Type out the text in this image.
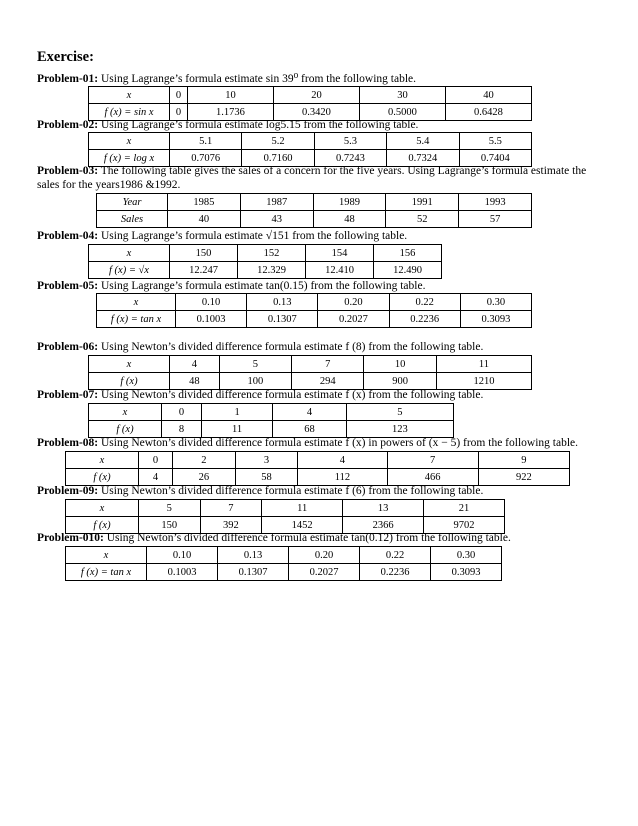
Exercise:
Problem-01: Using Lagrange’s formula estimate sin 39⁰ from the following table.
x	0	10	20	30	40
f (x) = sin x	0	1.1736	0.3420	0.5000	0.6428
Problem-02: Using Lagrange’s formula estimate log5.15 from the following table.
x	5.1	5.2	5.3	5.4	5.5
f (x) = log x	0.7076	0.7160	0.7243	0.7324	0.7404
Problem-03: The following table gives the sales of a concern for the five years. Using Lagrange’s formula estimate the sales for the years1986 &1992.
Year	1985	1987	1989	1991	1993
Sales	40	43	48	52	57
Problem-04: Using Lagrange’s formula estimate √151 from the following table.
x	150	152	154	156
f (x) = √x	12.247	12.329	12.410	12.490
Problem-05: Using Lagrange’s formula estimate tan(0.15) from the following table.
x	0.10	0.13	0.20	0.22	0.30
f (x) = tan x	0.1003	0.1307	0.2027	0.2236	0.3093
Problem-06: Using Newton’s divided difference formula estimate f (8) from the following table.
x	4	5	7	10	11
f (x)	48	100	294	900	1210
Problem-07: Using Newton’s divided difference formula estimate f (x) from the following table.
x	0	1	4	5
f (x)	8	11	68	123
Problem-08: Using Newton’s divided difference formula estimate f (x) in powers of (x − 5) from the following table.
x	0	2	3	4	7	9
f (x)	4	26	58	112	466	922
Problem-09: Using Newton’s divided difference formula estimate f (6) from the following table.
x	5	7	11	13	21
f (x)	150	392	1452	2366	9702
Problem-010: Using Newton’s divided difference formula estimate tan(0.12) from the following table.
x	0.10	0.13	0.20	0.22	0.30
f (x) = tan x	0.1003	0.1307	0.2027	0.2236	0.3093
